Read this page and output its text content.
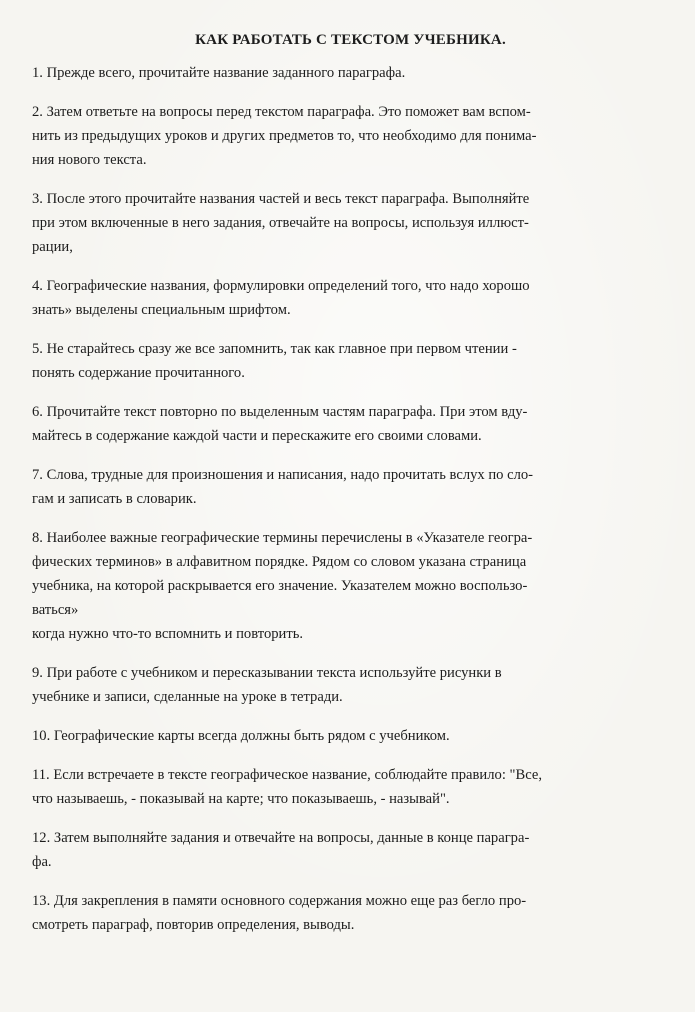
КАК РАБОТАТЬ С ТЕКСТОМ УЧЕБНИКА.
1. Прежде всего, прочитайте название заданного параграфа.
2. Затем ответьте на вопросы перед текстом параграфа. Это поможет вам вспом-
нить из предыдущих уроков и других предметов то, что необходимо для понима-
ния нового текста.
3. После этого прочитайте названия частей и весь текст параграфа. Выполняйте
при этом включенные в него задания, отвечайте на вопросы, используя иллюст-
рации,
4. Географические названия, формулировки определений того, что надо хорошо
знать» выделены специальным шрифтом.
5. Не старайтесь сразу же все запомнить, так как главное при первом чтении -
понять содержание прочитанного.
6. Прочитайте текст повторно по выделенным частям параграфа. При этом вду-
майтесь в содержание каждой части и перескажите его своими словами.
7. Слова, трудные для произношения и написания, надо прочитать вслух по сло-
гам и записать в словарик.
8. Наиболее важные географические термины перечислены в «Указателе геогра-
фических терминов» в алфавитном порядке. Рядом со словом указана страница
учебника, на которой раскрывается его значение. Указателем можно воспользо-
ваться»
когда нужно что-то вспомнить и повторить.
9. При работе с учебником и пересказывании текста используйте рисунки в
учебнике и записи, сделанные на уроке в тетради.
10. Географические карты всегда должны быть рядом с учебником.
11. Если встречаете в тексте географическое название, соблюдайте правило: "Все,
что называешь, - показывай на карте; что показываешь, - называй".
12. Затем выполняйте задания и отвечайте на вопросы, данные в конце парагра-
фа.
13. Для закрепления в памяти основного содержания можно еще раз бегло про-
смотреть параграф, повторив определения, выводы.
